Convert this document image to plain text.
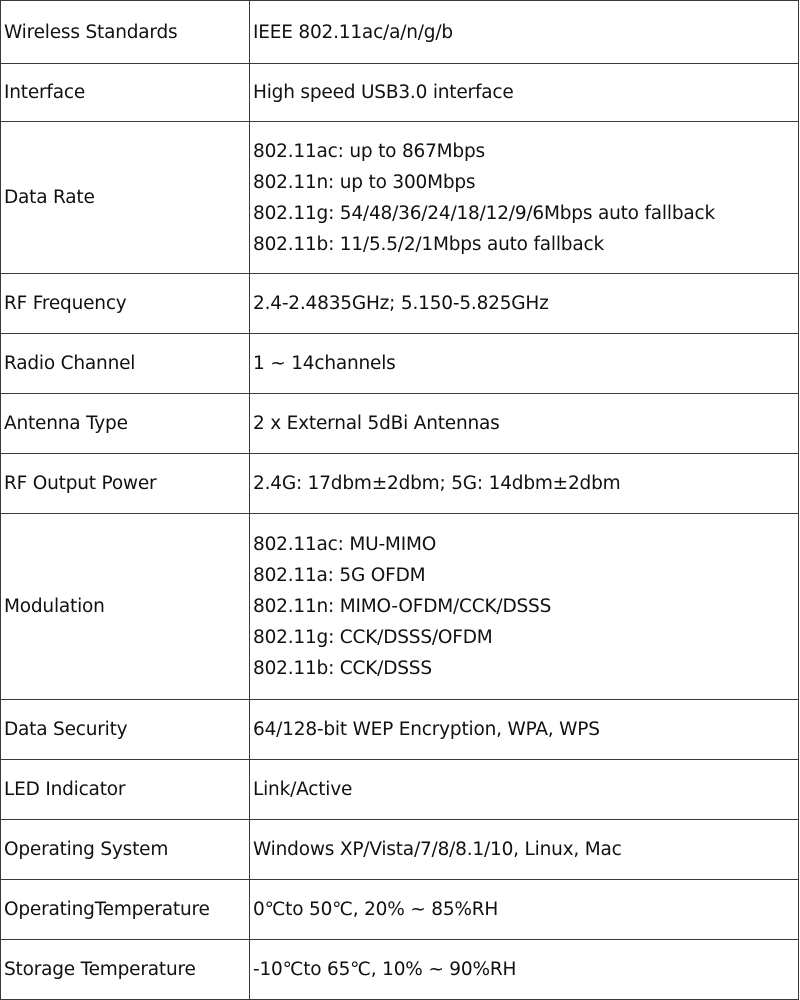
Wireless Standards	IEEE 802.11ac/a/n/g/b

Interface	High speed USB3.0 interface

Data Rate	802.11ac: up to 867Mbps
802.11n: up to 300Mbps
802.11g: 54/48/36/24/18/12/9/6Mbps auto fallback
802.11b: 11/5.5/2/1Mbps auto fallback

RF Frequency	2.4-2.4835GHz; 5.150-5.825GHz

Radio Channel	1 ~ 14channels

Antenna Type	2 x External 5dBi Antennas

RF Output Power	2.4G: 17dbm±2dbm; 5G: 14dbm±2dbm

Modulation	802.11ac: MU-MIMO
802.11a: 5G OFDM
802.11n: MIMO-OFDM/CCK/DSSS
802.11g: CCK/DSSS/OFDM
802.11b: CCK/DSSS

Data Security	64/128-bit WEP Encryption, WPA, WPS

LED Indicator	Link/Active

Operating System	Windows XP/Vista/7/8/8.1/10, Linux, Mac

OperatingTemperature	0℃to 50℃, 20% ~ 85%RH

Storage Temperature	-10℃to 65℃, 10% ~ 90%RH
